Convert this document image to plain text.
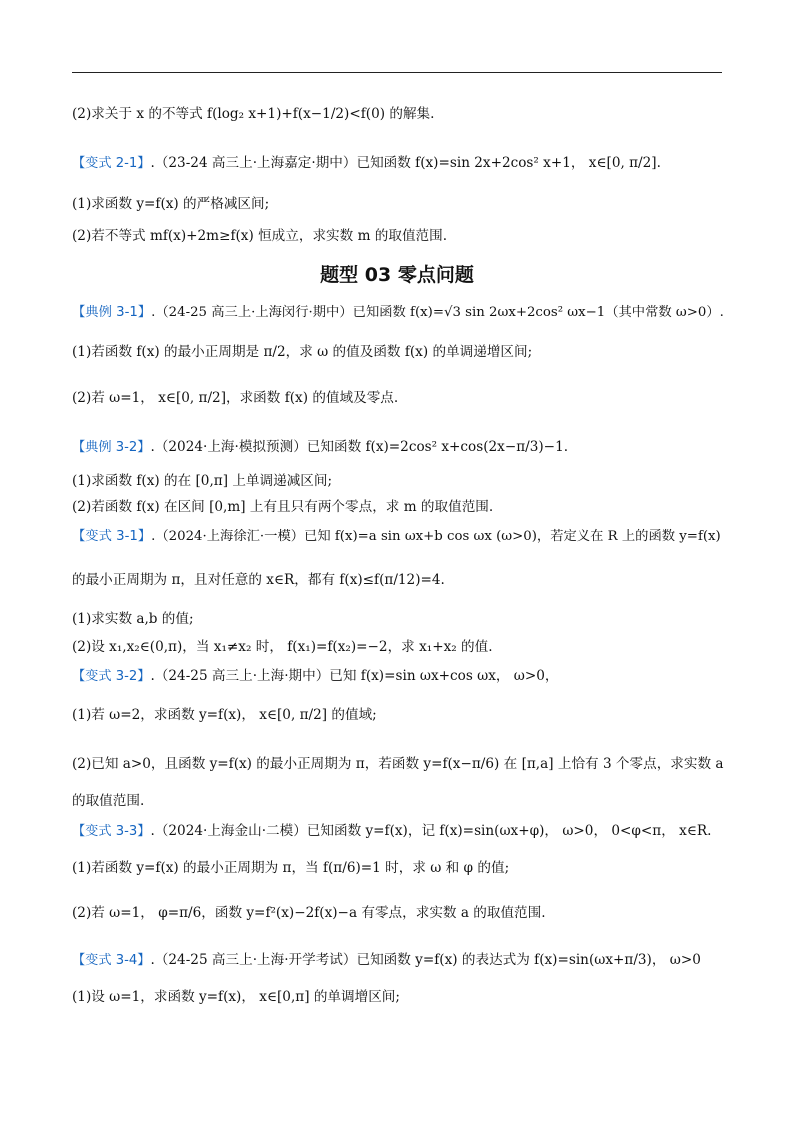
(2)求关于 x 的不等式 f(log₂ x+1)+f(x−1/2)<f(0) 的解集.
【变式 2-1】.（23-24 高三上·上海嘉定·期中）已知函数 f(x)=sin 2x+2cos² x+1， x∈[0, π/2].
(1)求函数 y=f(x) 的严格减区间;
(2)若不等式 mf(x)+2m≥f(x) 恒成立，求实数 m 的取值范围.
题型 03 零点问题
【典例 3-1】.（24-25 高三上·上海闵行·期中）已知函数 f(x)=√3 sin 2ωx+2cos² ωx−1（其中常数 ω>0）.
(1)若函数 f(x) 的最小正周期是 π/2，求 ω 的值及函数 f(x) 的单调递增区间;
(2)若 ω=1， x∈[0, π/2]，求函数 f(x) 的值域及零点.
【典例 3-2】.（2024·上海·模拟预测）已知函数 f(x)=2cos² x+cos(2x−π/3)−1.
(1)求函数 f(x) 的在 [0,π] 上单调递减区间;
(2)若函数 f(x) 在区间 [0,m] 上有且只有两个零点，求 m 的取值范围.
【变式 3-1】.（2024·上海徐汇·一模）已知 f(x)=a sin ωx+b cos ωx (ω>0)，若定义在 R 上的函数 y=f(x)
的最小正周期为 π，且对任意的 x∈R，都有 f(x)≤f(π/12)=4.
(1)求实数 a,b 的值;
(2)设 x₁,x₂∈(0,π)，当 x₁≠x₂ 时， f(x₁)=f(x₂)=−2，求 x₁+x₂ 的值.
【变式 3-2】.（24-25 高三上·上海·期中）已知 f(x)=sin ωx+cos ωx， ω>0，
(1)若 ω=2，求函数 y=f(x)， x∈[0, π/2] 的值域;
(2)已知 a>0，且函数 y=f(x) 的最小正周期为 π，若函数 y=f(x−π/6) 在 [π,a] 上恰有 3 个零点，求实数 a
的取值范围.
【变式 3-3】.（2024·上海金山·二模）已知函数 y=f(x)，记 f(x)=sin(ωx+φ)， ω>0， 0<φ<π， x∈R.
(1)若函数 y=f(x) 的最小正周期为 π，当 f(π/6)=1 时，求 ω 和 φ 的值;
(2)若 ω=1， φ=π/6，函数 y=f²(x)−2f(x)−a 有零点，求实数 a 的取值范围.
【变式 3-4】.（24-25 高三上·上海·开学考试）已知函数 y=f(x) 的表达式为 f(x)=sin(ωx+π/3)， ω>0
(1)设 ω=1，求函数 y=f(x)， x∈[0,π] 的单调增区间;
